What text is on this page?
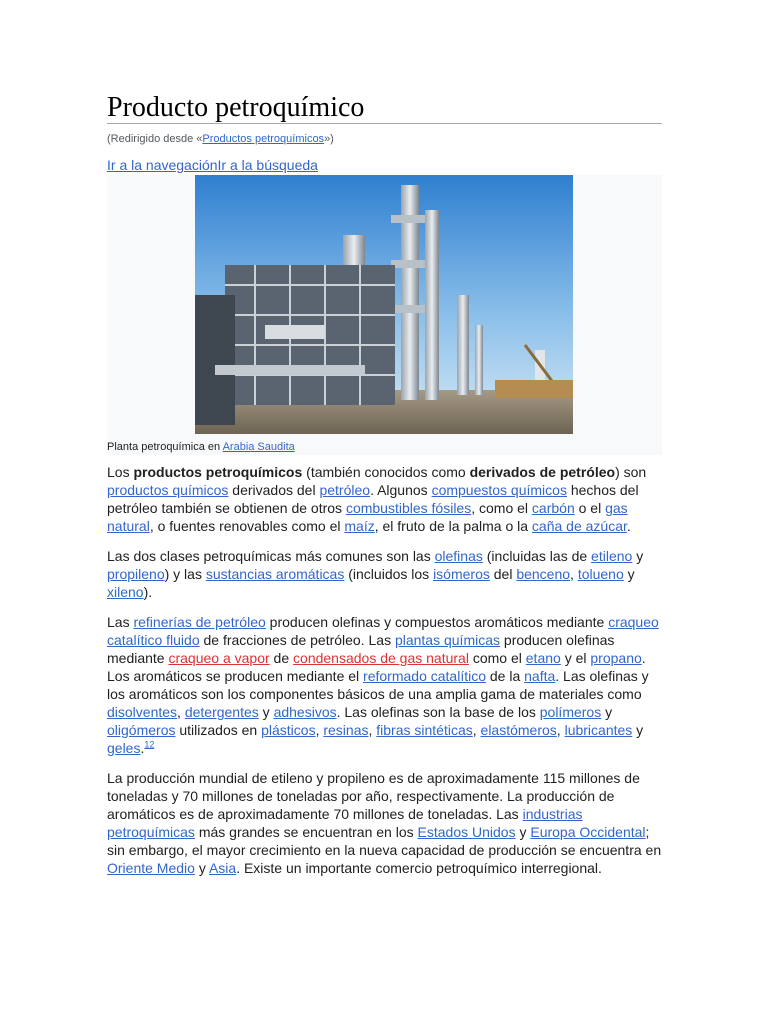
Producto petroquímico
(Redirigido desde «Productos petroquímicos»)
Ir a la navegaciónIr a la búsqueda
Planta petroquímica en Arabia Saudita

Los productos petroquímicos (también conocidos como derivados de petróleo) son productos químicos derivados del petróleo. Algunos compuestos químicos hechos del petróleo también se obtienen de otros combustibles fósiles, como el carbón o el gas natural, o fuentes renovables como el maíz, el fruto de la palma o la caña de azúcar.

Las dos clases petroquímicas más comunes son las olefinas (incluidas las de etileno y propileno) y las sustancias aromáticas (incluidos los isómeros del benceno, tolueno y xileno).

Las refinerías de petróleo producen olefinas y compuestos aromáticos mediante craqueo catalítico fluido de fracciones de petróleo. Las plantas químicas producen olefinas mediante craqueo a vapor de condensados de gas natural como el etano y el propano. Los aromáticos se producen mediante el reformado catalítico de la nafta. Las olefinas y los aromáticos son los componentes básicos de una amplia gama de materiales como disolventes, detergentes y adhesivos. Las olefinas son la base de los polímeros y oligómeros utilizados en plásticos, resinas, fibras sintéticas, elastómeros, lubricantes y geles.$^{12}$

La producción mundial de etileno y propileno es de aproximadamente 115 millones de toneladas y 70 millones de toneladas por año, respectivamente. La producción de aromáticos es de aproximadamente 70 millones de toneladas. Las industrias petroquímicas más grandes se encuentran en los Estados Unidos y Europa Occidental; sin embargo, el mayor crecimiento en la nueva capacidad de producción se encuentra en Oriente Medio y Asia. Existe un importante comercio petroquímico interregional.
